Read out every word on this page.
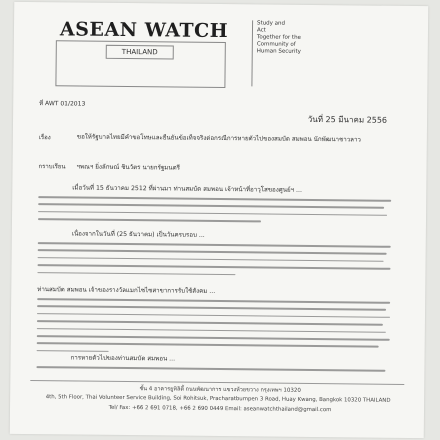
ASEAN WATCH
THAILAND
Study and
Act
Together for the
Community of
Human Security
ที่ AWT 01/2013
วันที่ 25 มีนาคม 2556
เรื่อง	ขอให้รัฐบาลไทยมีคำขอโทษและยืนยันข้อเท็จจริงต่อกรณีการหายตัวไปของสมบัด สมพอน นักพัฒนาชาวลาว
กราบเรียน ฯพณฯ ยิ่งลักษณ์ ชินวัตร นายกรัฐมนตรี
เมื่อวันที่ 15 ธันวาคม 2512 ที่ผ่านมา ท่านสมบัด สมพอน เจ้าหน้าที่อาวุโสของศูนย์ฯ ...
เนื่องจากในวันที่ (25 ธันวาคม) เป็นวันครบรอบ ...
ท่านสมบัด สมพอน เจ้าของรางวัลแมกไซไซสาขาการรับใช้สังคม ...
การหายตัวไปของท่านสมบัด สมพอน ...
ชั้น 4 อาคารยูทิลิตี้ ถนนพัฒนาการ แขวงห้วยขวาง กรุงเทพฯ 10320
4th, 5th Floor, Thai Volunteer Service Building, Soi Rohitsuk, Pracharatbumpen 3 Road, Huay Kwang, Bangkok 10320 THAILAND
Tel/ Fax: +66 2 691 0718, +66 2 690 0449 Email: aseanwatchthailand@gmail.com
